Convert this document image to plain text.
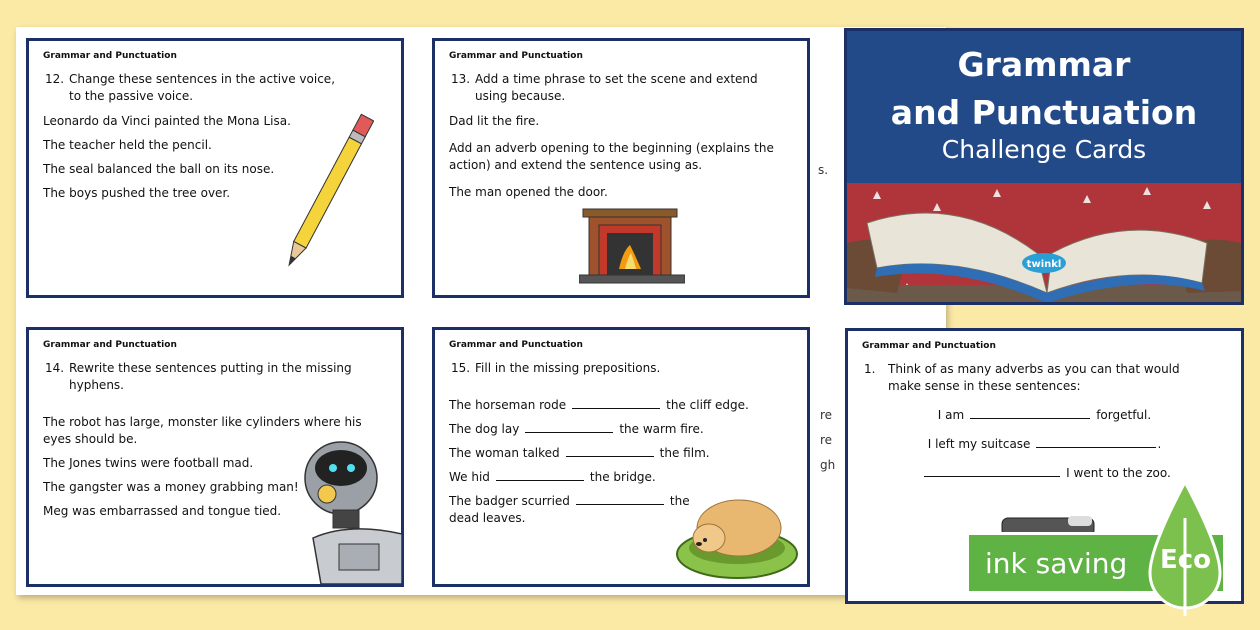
s.
re
re
gh
Grammar and Punctuation
12. Change these sentences in the active voice, to the passive voice.
Leonardo da Vinci painted the Mona Lisa.
The teacher held the pencil.
The seal balanced the ball on its nose.
The boys pushed the tree over.
Grammar and Punctuation
13. Add a time phrase to set the scene and extend using because.
Dad lit the fire.
Add an adverb opening to the beginning (explains the action) and extend the sentence using as.
The man opened the door.
Grammar and Punctuation
14. Rewrite these sentences putting in the missing hyphens.
The robot has large, monster like cylinders where his eyes should be.
The Jones twins were football mad.
The gangster was a money grabbing man!
Meg was embarrassed and tongue tied.
Grammar and Punctuation
15. Fill in the missing prepositions.
The horseman rode	the cliff edge.
The dog lay	the warm fire.
The woman talked	the film.
We hid	the bridge.
The badger scurried	the
dead leaves.
Grammar and Punctuation
1.	Think of as many adverbs as you can that would make sense in these sentences:
I am	forgetful.
I left my suitcase	.
I went to the zoo.
Grammar
and Punctuation
Challenge Cards
twinkl
ink saving Eco
